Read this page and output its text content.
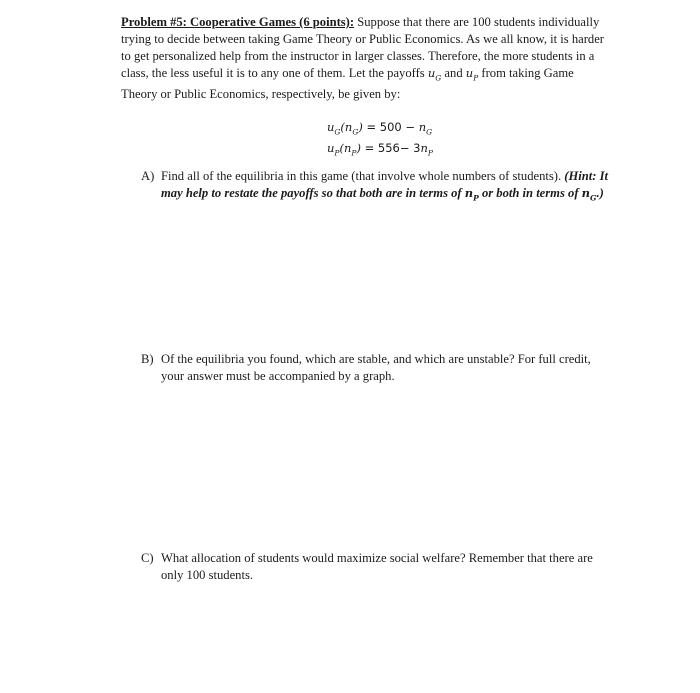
Problem #5: Cooperative Games (6 points): Suppose that there are 100 students individually
trying to decide between taking Game Theory or Public Economics. As we all know, it is harder
to get personalized help from the instructor in larger classes. Therefore, the more students in a
class, the less useful it is to any one of them. Let the payoffs $u_G$ and $u_P$ from taking Game
Theory or Public Economics, respectively, be given by:
$u_G(n_G) = 500 - n_G$
$u_P(n_P) = 556- 3n_P$
A) Find all of the equilibria in this game (that involve whole numbers of students). (Hint: It
may help to restate the payoffs so that both are in terms of $n_P$ or both in terms of $n_G$.)
B) Of the equilibria you found, which are stable, and which are unstable? For full credit,
your answer must be accompanied by a graph.
C) What allocation of students would maximize social welfare? Remember that there are
only 100 students.
